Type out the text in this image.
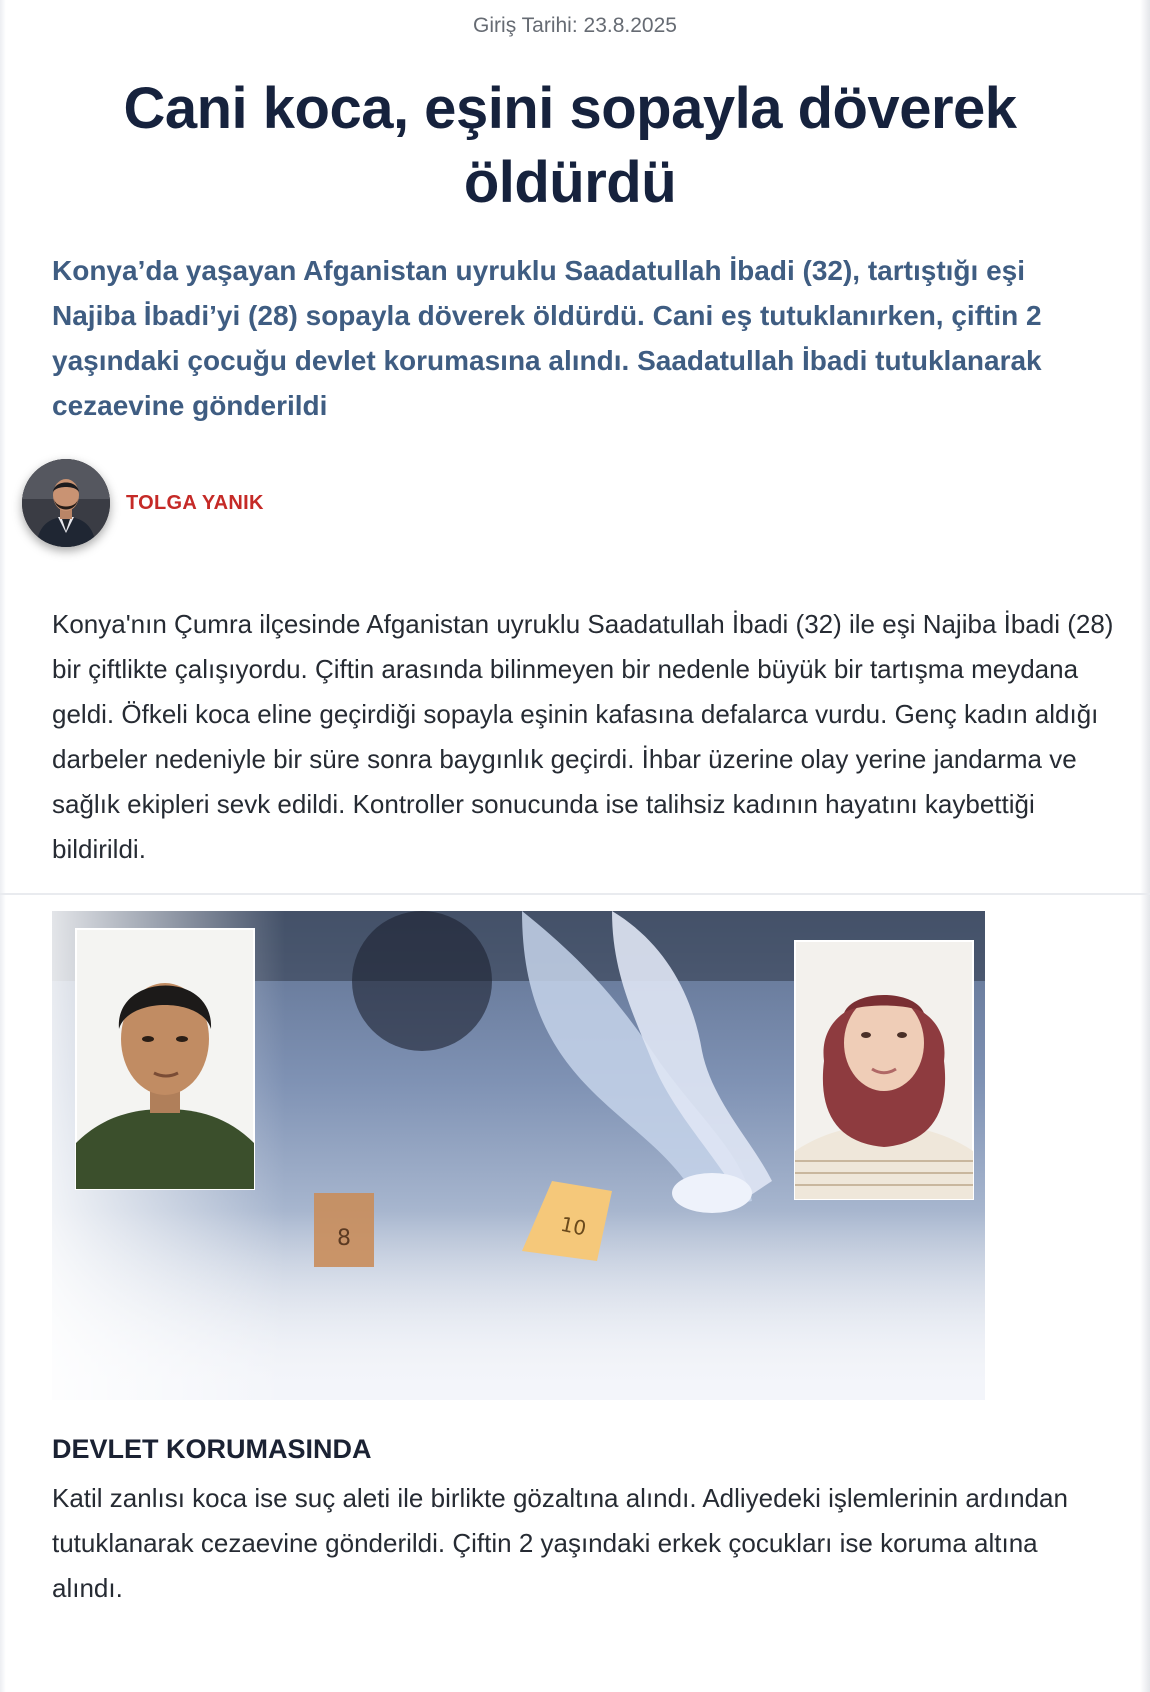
Giriş Tarihi: 23.8.2025
Cani koca, eşini sopayla döverek öldürdü

Konya’da yaşayan Afganistan uyruklu Saadatullah İbadi (32), tartıştığı eşi Najiba İbadi’yi (28) sopayla döverek öldürdü. Cani eş tutuklanırken, çiftin 2 yaşındaki çocuğu devlet korumasına alındı. Saadatullah İbadi tutuklanarak cezaevine gönderildi

TOLGA YANIK

Konya'nın Çumra ilçesinde Afganistan uyruklu Saadatullah İbadi (32) ile eşi Najiba İbadi (28) bir çiftlikte çalışıyordu. Çiftin arasında bilinmeyen bir nedenle büyük bir tartışma meydana geldi. Öfkeli koca eline geçirdiği sopayla eşinin kafasına defalarca vurdu. Genç kadın aldığı darbeler nedeniyle bir süre sonra baygınlık geçirdi. İhbar üzerine olay yerine jandarma ve sağlık ekipleri sevk edildi. Kontroller sonucunda ise talihsiz kadının hayatını kaybettiği bildirildi.

8	10
DEVLET KORUMASINDA

Katil zanlısı koca ise suç aleti ile birlikte gözaltına alındı. Adliyedeki işlemlerinin ardından tutuklanarak cezaevine gönderildi. Çiftin 2 yaşındaki erkek çocukları ise koruma altına alındı.
